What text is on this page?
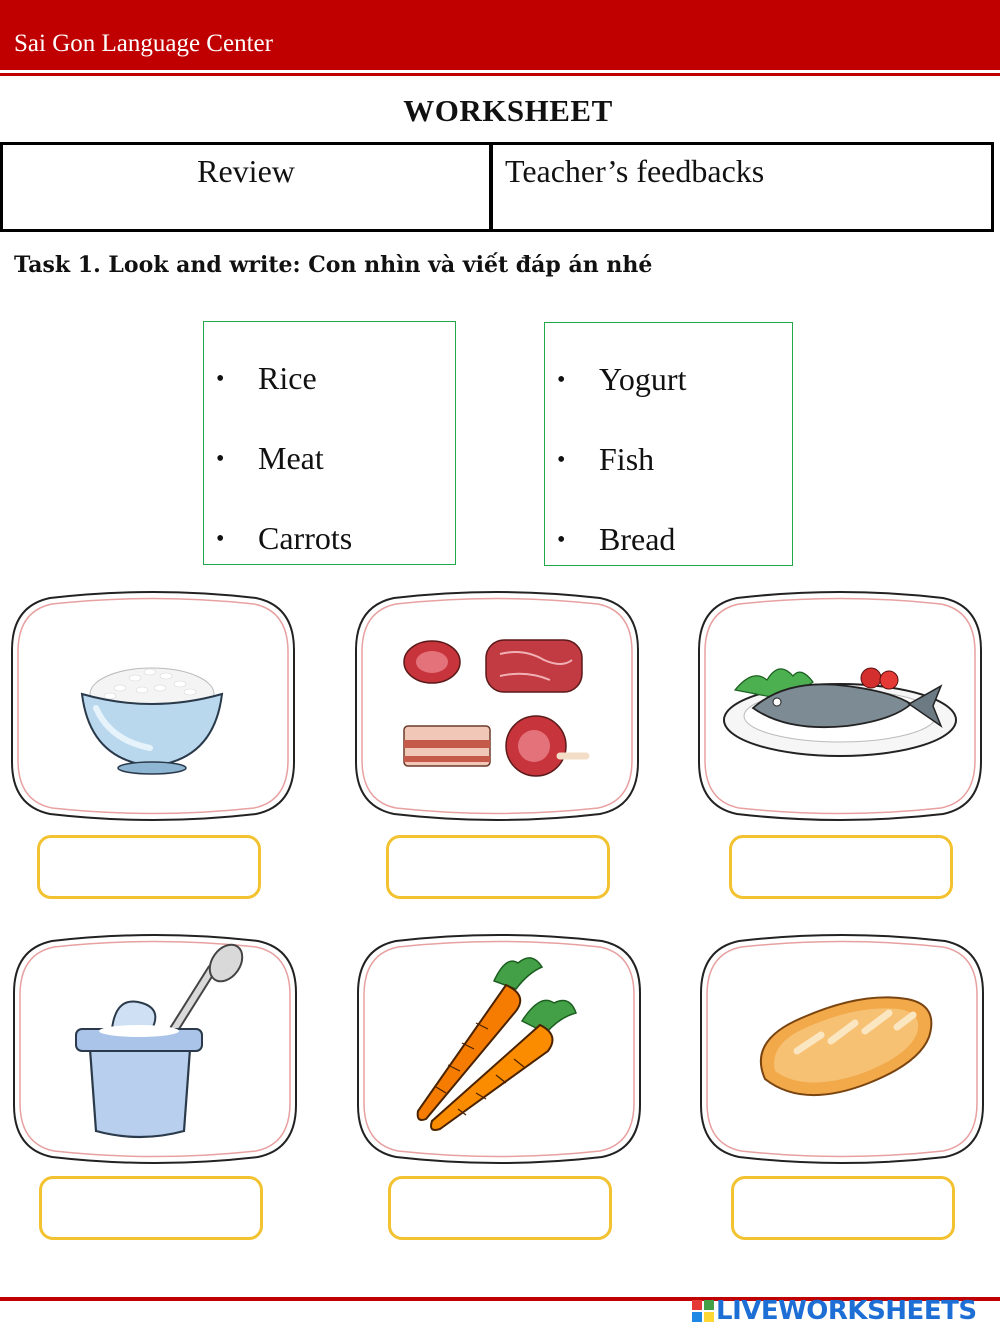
Sai Gon Language Center
WORKSHEET
Review	Teacher’s feedbacks
Task 1. Look and write: Con nhìn và viết đáp án nhé
• Rice
• Meat
• Carrots
• Yogurt
• Fish
• Bread
LIVEWORKSHEETS
